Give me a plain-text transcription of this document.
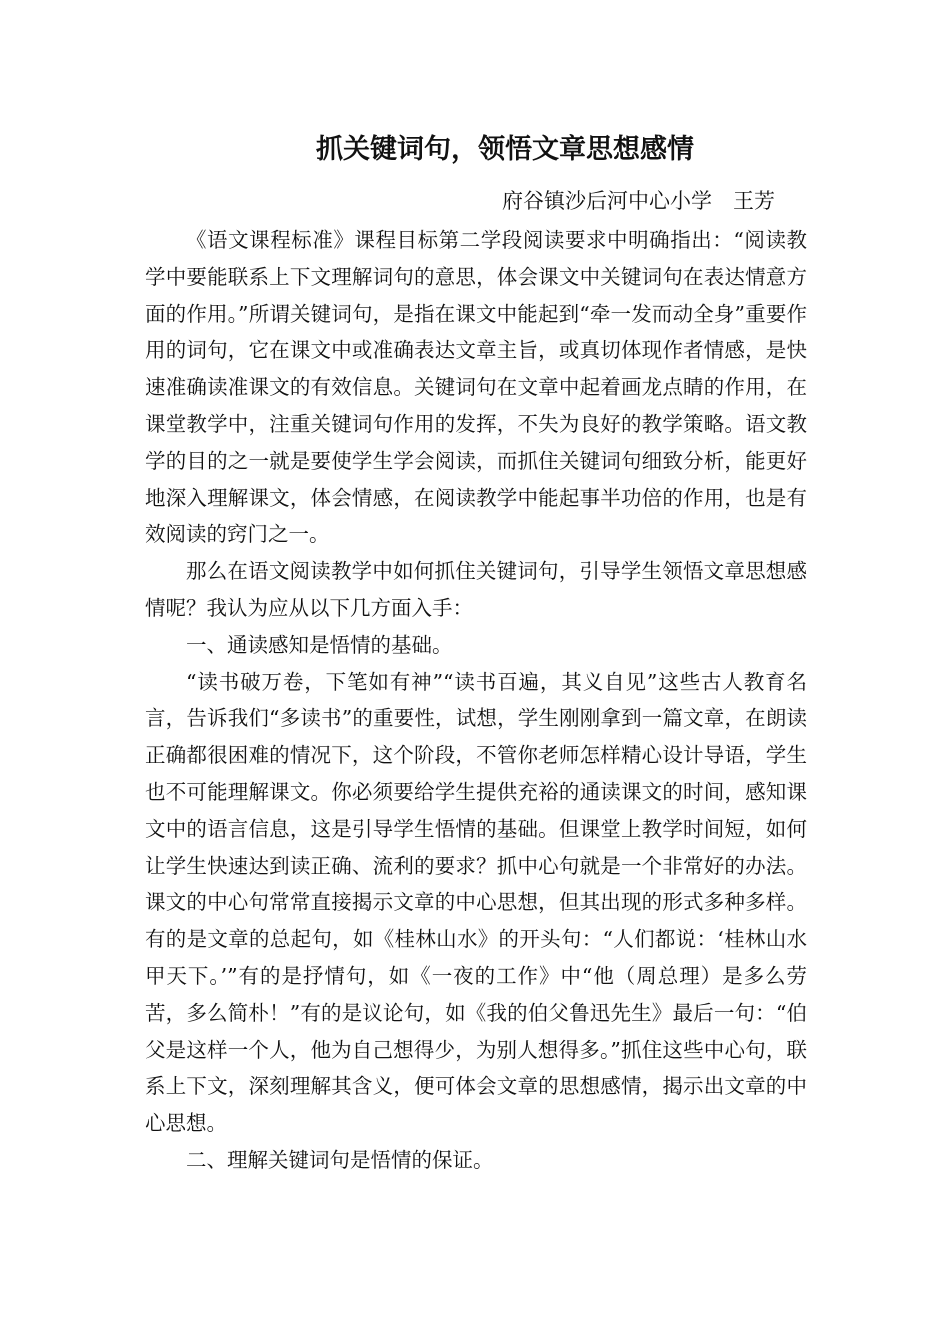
抓关键词句，领悟文章思想感情
府谷镇沙后河中心小学　王芳

《语文课程标准》课程目标第二学段阅读要求中明确指出：“阅读教学中要能联系上下文理解词句的意思，体会课文中关键词句在表达情意方面的作用。”所谓关键词句，是指在课文中能起到“牵一发而动全身”重要作用的词句，它在课文中或准确表达文章主旨，或真切体现作者情感，是快速准确读准课文的有效信息。关键词句在文章中起着画龙点睛的作用，在课堂教学中，注重关键词句作用的发挥，不失为良好的教学策略。语文教学的目的之一就是要使学生学会阅读，而抓住关键词句细致分析，能更好地深入理解课文，体会情感，在阅读教学中能起事半功倍的作用，也是有效阅读的窍门之一。

那么在语文阅读教学中如何抓住关键词句，引导学生领悟文章思想感情呢？我认为应从以下几方面入手：

一、通读感知是悟情的基础。

“读书破万卷，下笔如有神”“读书百遍，其义自见”这些古人教育名言，告诉我们“多读书”的重要性，试想，学生刚刚拿到一篇文章，在朗读正确都很困难的情况下，这个阶段，不管你老师怎样精心设计导语，学生也不可能理解课文。你必须要给学生提供充裕的通读课文的时间，感知课文中的语言信息，这是引导学生悟情的基础。但课堂上教学时间短，如何让学生快速达到读正确、流利的要求？抓中心句就是一个非常好的办法。课文的中心句常常直接揭示文章的中心思想，但其出现的形式多种多样。有的是文章的总起句，如《桂林山水》的开头句：“人们都说：‘桂林山水甲天下。’”有的是抒情句，如《一夜的工作》中“他（周总理）是多么劳苦，多么简朴！”有的是议论句，如《我的伯父鲁迅先生》最后一句：“伯父是这样一个人，他为自己想得少，为别人想得多。”抓住这些中心句，联系上下文，深刻理解其含义，便可体会文章的思想感情，揭示出文章的中心思想。

二、理解关键词句是悟情的保证。
